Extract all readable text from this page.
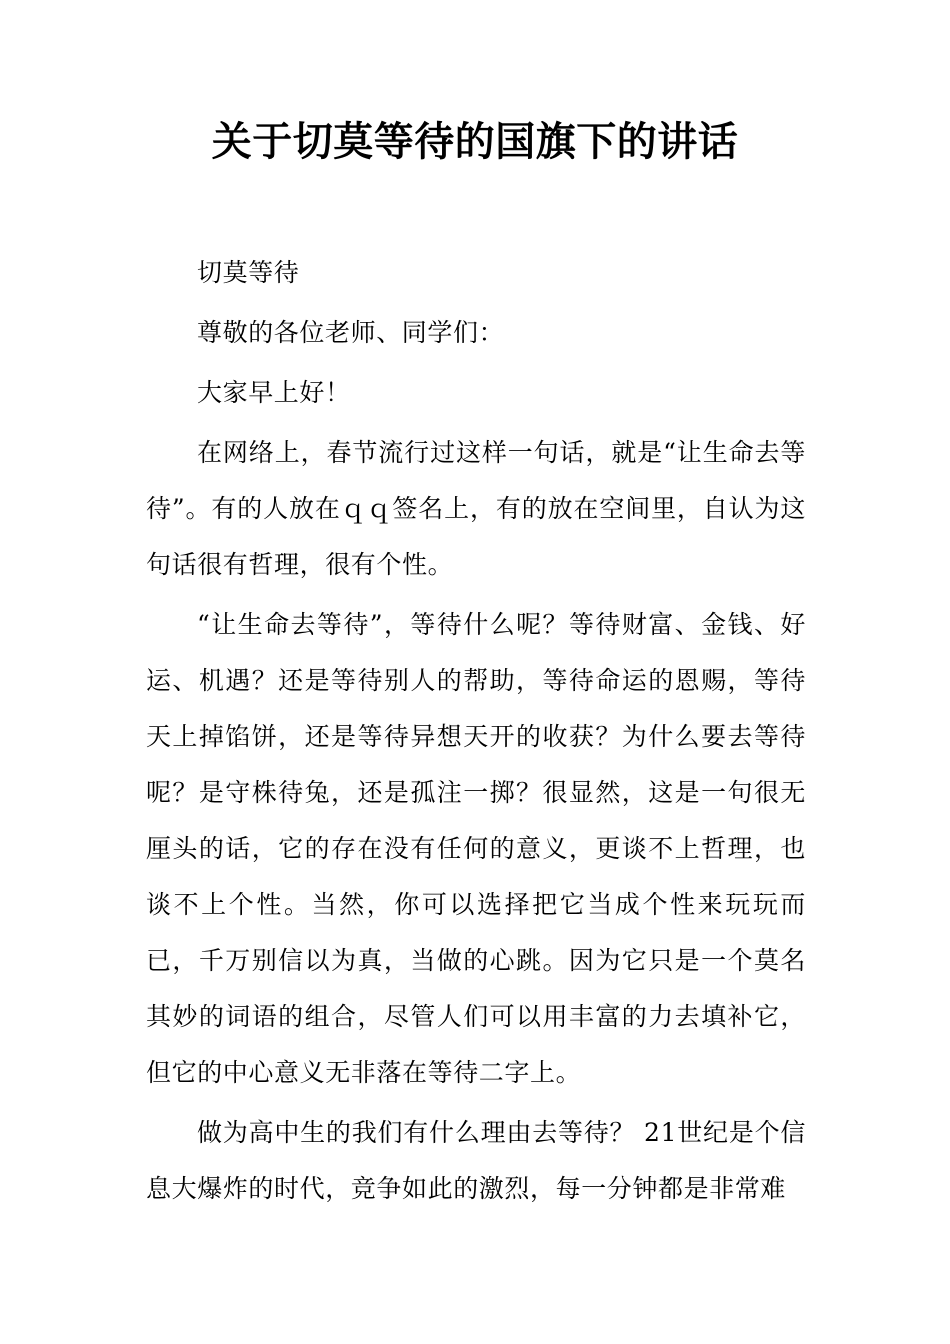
关于切莫等待的国旗下的讲话

切莫等待

尊敬的各位老师、同学们：

大家早上好！

在网络上，春节流行过这样一句话，就是“让生命去等待”。有的人放在ｑｑ签名上，有的放在空间里，自认为这句话很有哲理，很有个性。

“让生命去等待”，等待什么呢？等待财富、金钱、好运、机遇？还是等待别人的帮助，等待命运的恩赐，等待天上掉馅饼，还是等待异想天开的收获？为什么要去等待呢？是守株待兔，还是孤注一掷？很显然，这是一句很无厘头的话，它的存在没有任何的意义，更谈不上哲理，也谈不上个性。当然，你可以选择把它当成个性来玩玩而已，千万别信以为真，当做的心跳。因为它只是一个莫名其妙的词语的组合，尽管人们可以用丰富的力去填补它，但它的中心意义无非落在等待二字上。

做为高中生的我们有什么理由去等待？ 21世纪是个信息大爆炸的时代，竞争如此的激烈，每一分钟都是非常难
